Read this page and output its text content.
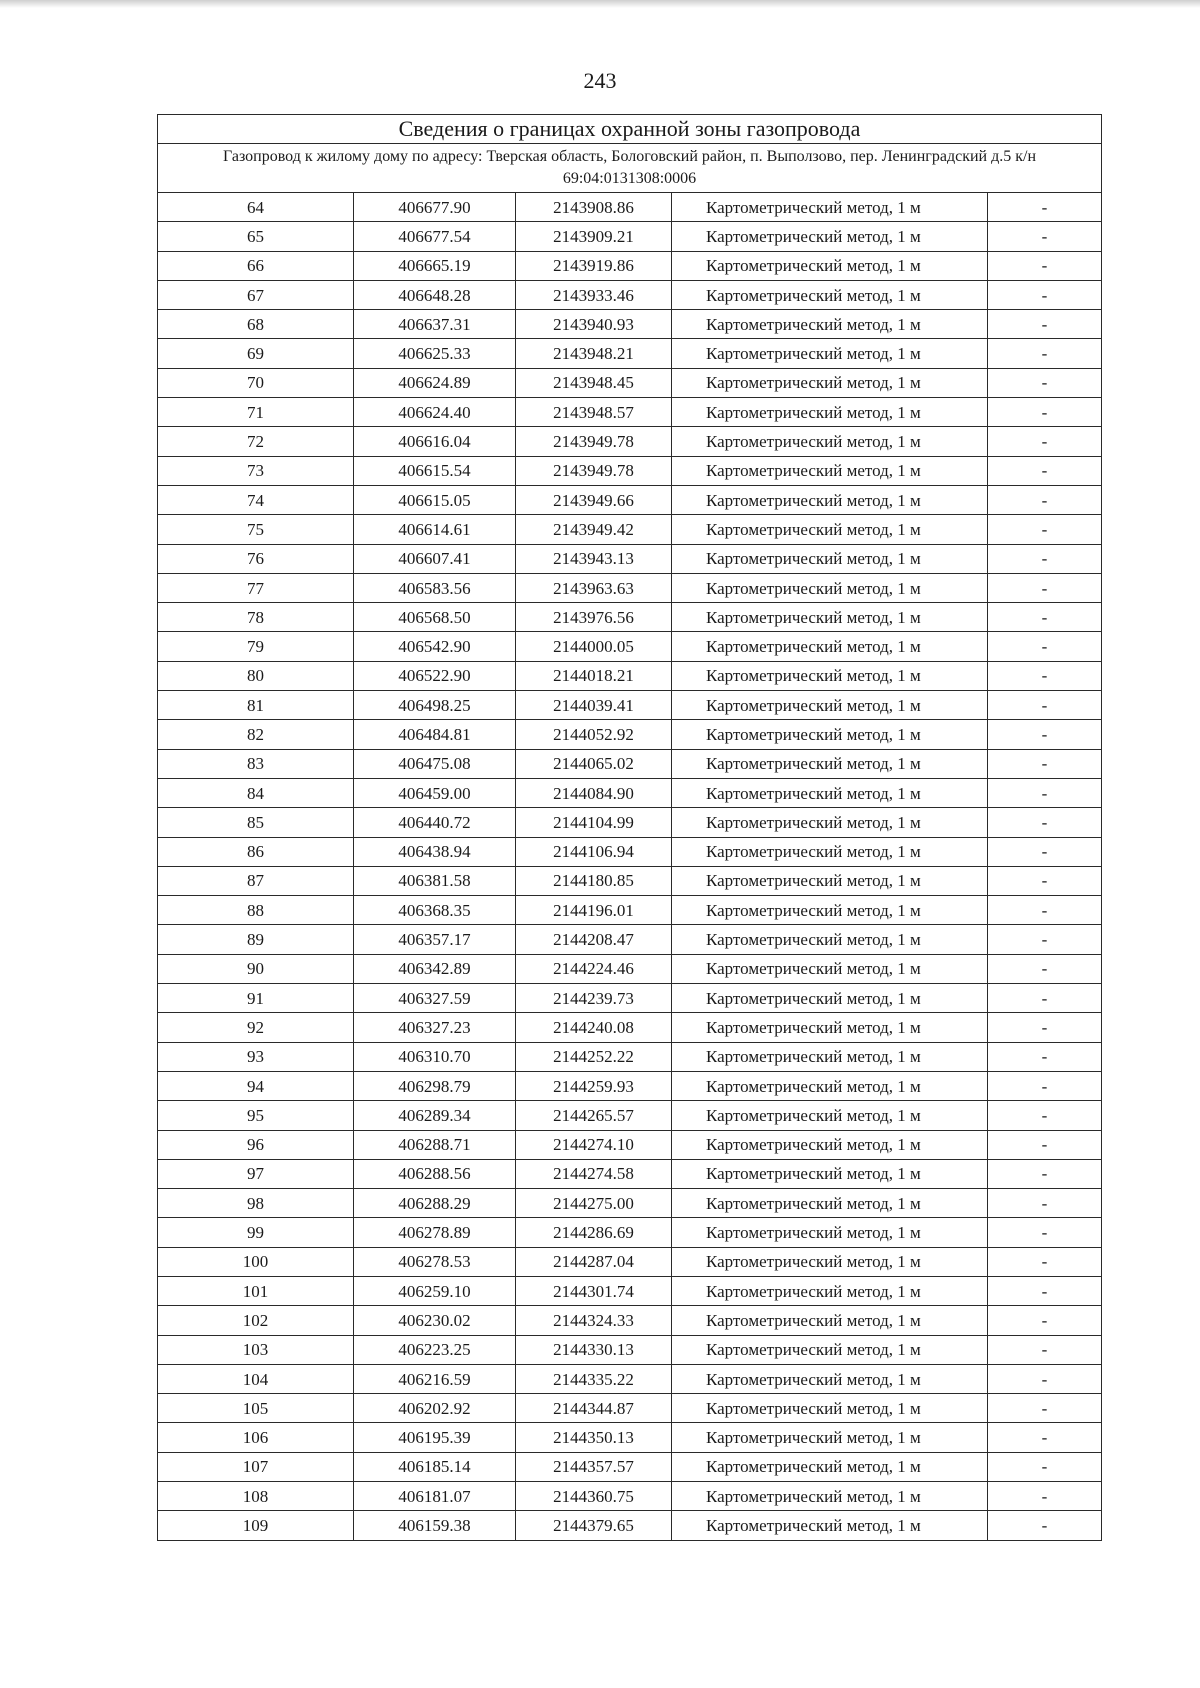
243
Сведения о границах охранной зоны газопровода				
Газопровод к жилому дому по адресу: Тверская область, Бологовский район, п. Выползово, пер. Ленинградский д.5 к/н 69:04:0131308:0006				
64	406677.90	2143908.86	Картометрический метод, 1 м	-
65	406677.54	2143909.21	Картометрический метод, 1 м	-
66	406665.19	2143919.86	Картометрический метод, 1 м	-
67	406648.28	2143933.46	Картометрический метод, 1 м	-
68	406637.31	2143940.93	Картометрический метод, 1 м	-
69	406625.33	2143948.21	Картометрический метод, 1 м	-
70	406624.89	2143948.45	Картометрический метод, 1 м	-
71	406624.40	2143948.57	Картометрический метод, 1 м	-
72	406616.04	2143949.78	Картометрический метод, 1 м	-
73	406615.54	2143949.78	Картометрический метод, 1 м	-
74	406615.05	2143949.66	Картометрический метод, 1 м	-
75	406614.61	2143949.42	Картометрический метод, 1 м	-
76	406607.41	2143943.13	Картометрический метод, 1 м	-
77	406583.56	2143963.63	Картометрический метод, 1 м	-
78	406568.50	2143976.56	Картометрический метод, 1 м	-
79	406542.90	2144000.05	Картометрический метод, 1 м	-
80	406522.90	2144018.21	Картометрический метод, 1 м	-
81	406498.25	2144039.41	Картометрический метод, 1 м	-
82	406484.81	2144052.92	Картометрический метод, 1 м	-
83	406475.08	2144065.02	Картометрический метод, 1 м	-
84	406459.00	2144084.90	Картометрический метод, 1 м	-
85	406440.72	2144104.99	Картометрический метод, 1 м	-
86	406438.94	2144106.94	Картометрический метод, 1 м	-
87	406381.58	2144180.85	Картометрический метод, 1 м	-
88	406368.35	2144196.01	Картометрический метод, 1 м	-
89	406357.17	2144208.47	Картометрический метод, 1 м	-
90	406342.89	2144224.46	Картометрический метод, 1 м	-
91	406327.59	2144239.73	Картометрический метод, 1 м	-
92	406327.23	2144240.08	Картометрический метод, 1 м	-
93	406310.70	2144252.22	Картометрический метод, 1 м	-
94	406298.79	2144259.93	Картометрический метод, 1 м	-
95	406289.34	2144265.57	Картометрический метод, 1 м	-
96	406288.71	2144274.10	Картометрический метод, 1 м	-
97	406288.56	2144274.58	Картометрический метод, 1 м	-
98	406288.29	2144275.00	Картометрический метод, 1 м	-
99	406278.89	2144286.69	Картометрический метод, 1 м	-
100	406278.53	2144287.04	Картометрический метод, 1 м	-
101	406259.10	2144301.74	Картометрический метод, 1 м	-
102	406230.02	2144324.33	Картометрический метод, 1 м	-
103	406223.25	2144330.13	Картометрический метод, 1 м	-
104	406216.59	2144335.22	Картометрический метод, 1 м	-
105	406202.92	2144344.87	Картометрический метод, 1 м	-
106	406195.39	2144350.13	Картометрический метод, 1 м	-
107	406185.14	2144357.57	Картометрический метод, 1 м	-
108	406181.07	2144360.75	Картометрический метод, 1 м	-
109	406159.38	2144379.65	Картометрический метод, 1 м	-
